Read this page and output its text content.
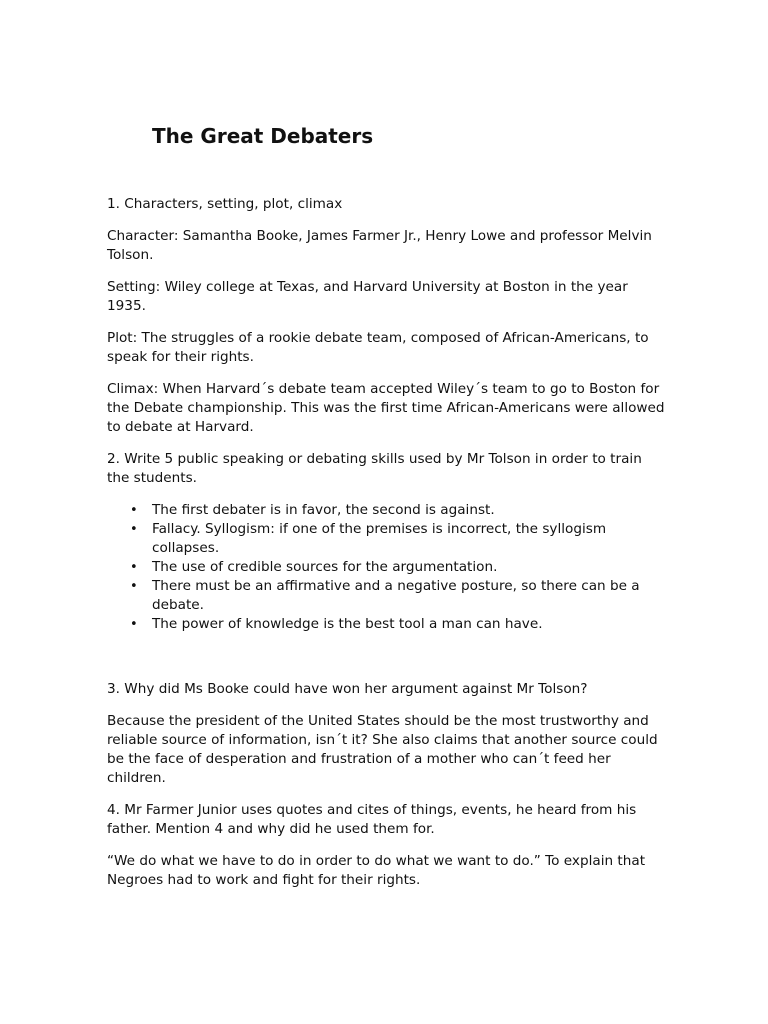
The Great Debaters

1. Characters, setting, plot, climax

Character: Samantha Booke, James Farmer Jr., Henry Lowe and professor Melvin Tolson.

Setting: Wiley college at Texas, and Harvard University at Boston in the year 1935.

Plot: The struggles of a rookie debate team, composed of African-Americans, to speak for their rights.

Climax: When Harvard´s debate team accepted Wiley´s team to go to Boston for the Debate championship. This was the first time African-Americans were allowed to debate at Harvard.

2. Write 5 public speaking or debating skills used by Mr Tolson in order to train the students.

• The first debater is in favor, the second is against.
• Fallacy. Syllogism: if one of the premises is incorrect, the syllogism collapses.
• The use of credible sources for the argumentation.
• There must be an affirmative and a negative posture, so there can be a debate.
• The power of knowledge is the best tool a man can have.

3. Why did Ms Booke could have won her argument against Mr Tolson?

Because the president of the United States should be the most trustworthy and reliable source of information, isn´t it? She also claims that another source could be the face of desperation and frustration of a mother who can´t feed her children.

4. Mr Farmer Junior uses quotes and cites of things, events, he heard from his father. Mention 4 and why did he used them for.

“We do what we have to do in order to do what we want to do.” To explain that Negroes had to work and fight for their rights.
